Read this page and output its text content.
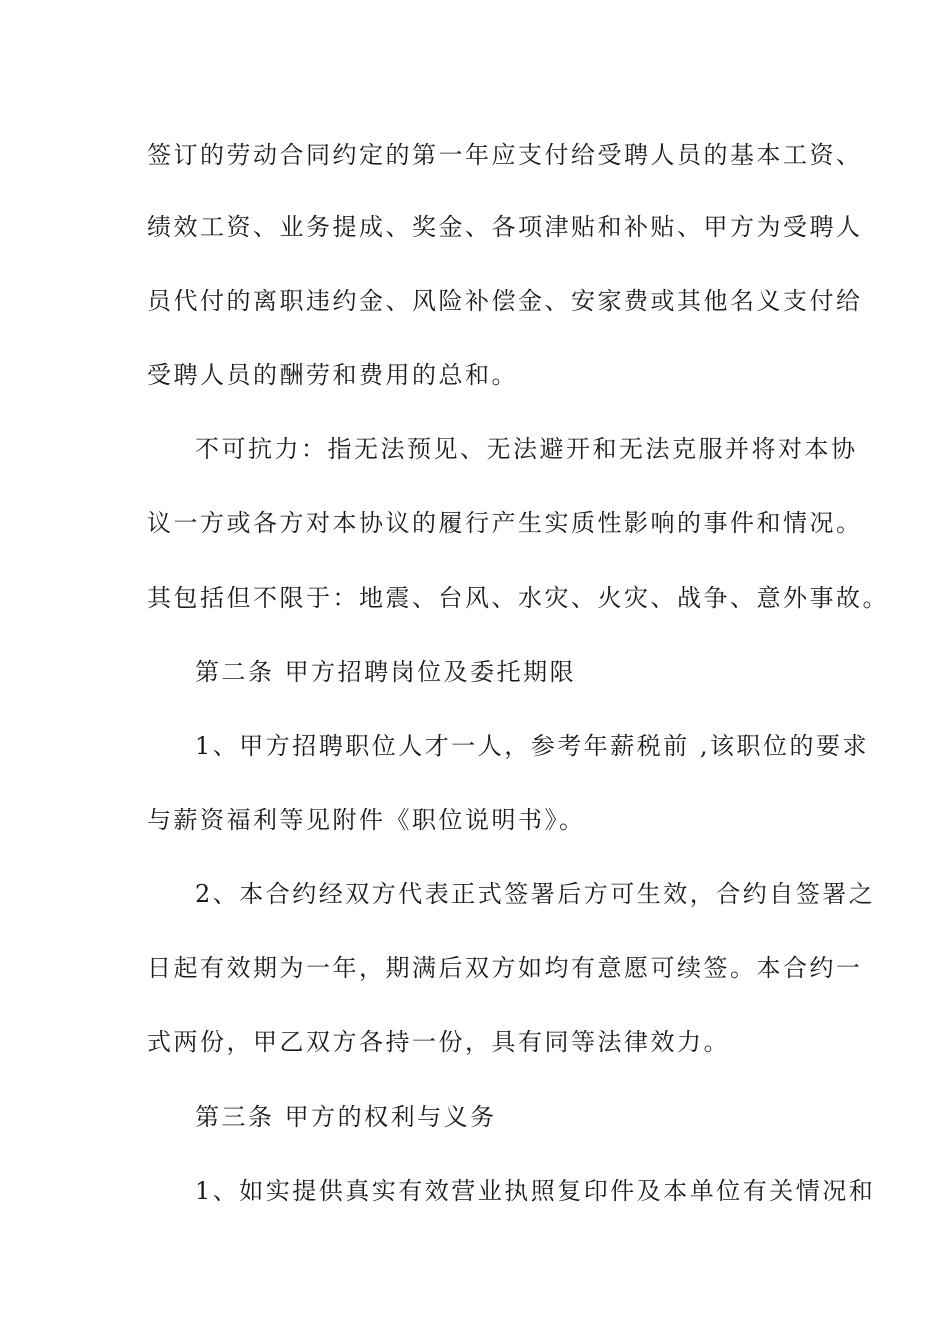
签订的劳动合同约定的第一年应支付给受聘人员的基本工资、
绩效工资、业务提成、奖金、各项津贴和补贴、甲方为受聘人
员代付的离职违约金、风险补偿金、安家费或其他名义支付给
受聘人员的酬劳和费用的总和。
不可抗力：指无法预见、无法避开和无法克服并将对本协
议一方或各方对本协议的履行产生实质性影响的事件和情况。
其包括但不限于：地震、台风、水灾、火灾、战争、意外事故。
第二条 甲方招聘岗位及委托期限
1、甲方招聘职位人才一人，参考年薪税前 ,该职位的要求
与薪资福利等见附件《职位说明书》。
2、本合约经双方代表正式签署后方可生效，合约自签署之
日起有效期为一年，期满后双方如均有意愿可续签。本合约一
式两份，甲乙双方各持一份，具有同等法律效力。
第三条 甲方的权利与义务
1、如实提供真实有效营业执照复印件及本单位有关情况和
